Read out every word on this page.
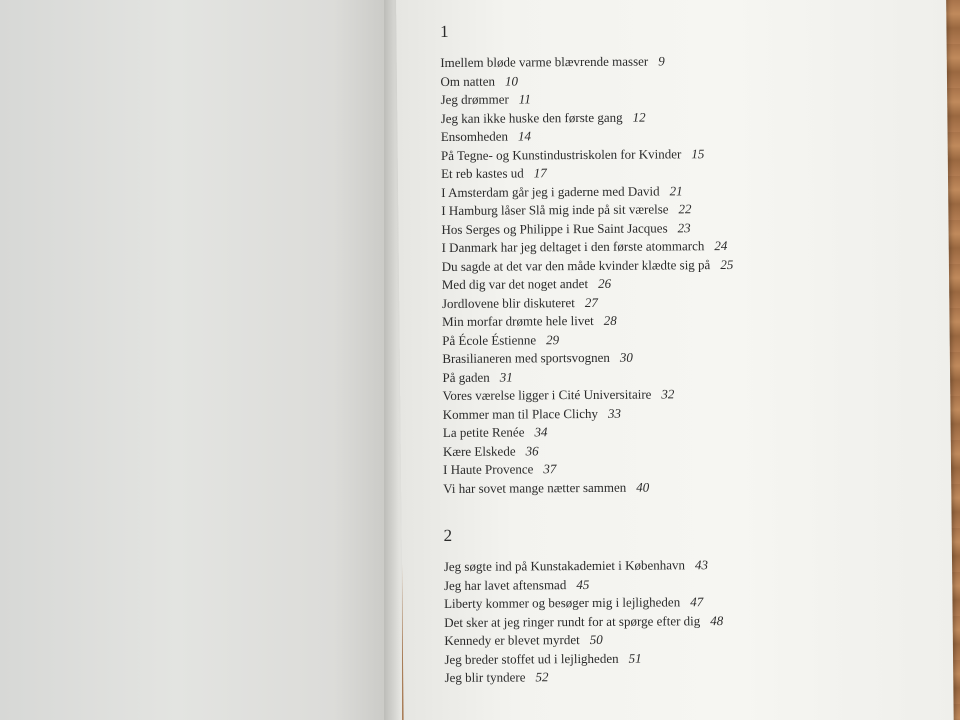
1
Imellem bløde varme blævrende masser 9
Om natten 10
Jeg drømmer 11
Jeg kan ikke huske den første gang 12
Ensomheden 14
På Tegne- og Kunstindustriskolen for Kvinder 15
Et reb kastes ud 17
I Amsterdam går jeg i gaderne med David 21
I Hamburg låser Slå mig inde på sit værelse 22
Hos Serges og Philippe i Rue Saint Jacques 23
I Danmark har jeg deltaget i den første atommarch 24
Du sagde at det var den måde kvinder klædte sig på 25
Med dig var det noget andet 26
Jordlovene blir diskuteret 27
Min morfar drømte hele livet 28
På École Éstienne 29
Brasilianeren med sportsvognen 30
På gaden 31
Vores værelse ligger i Cité Universitaire 32
Kommer man til Place Clichy 33
La petite Renée 34
Kære Elskede 36
I Haute Provence 37
Vi har sovet mange nætter sammen 40
2
Jeg søgte ind på Kunstakademiet i København 43
Jeg har lavet aftensmad 45
Liberty kommer og besøger mig i lejligheden 47
Det sker at jeg ringer rundt for at spørge efter dig 48
Kennedy er blevet myrdet 50
Jeg breder stoffet ud i lejligheden 51
Jeg blir tyndere 52
